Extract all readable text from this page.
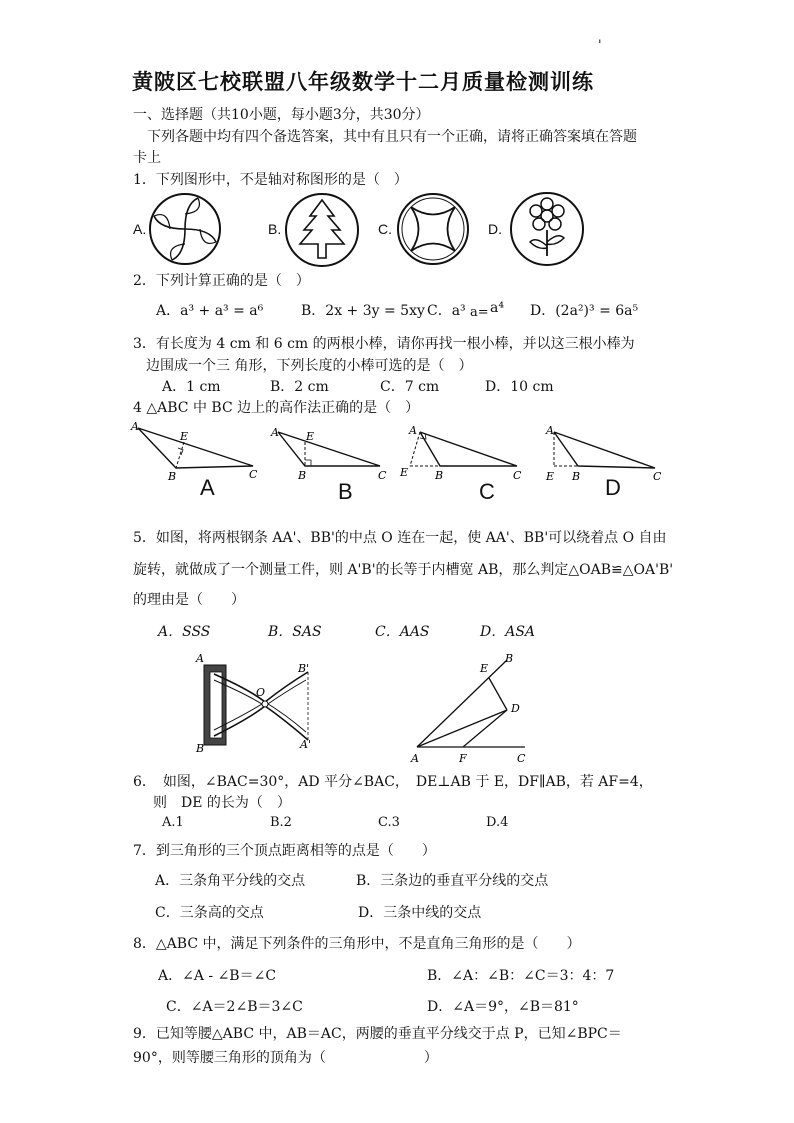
'
黄陂区七校联盟八年级数学十二月质量检测训练
一、选择题（共10小题，每小题3分，共30分）
下列各题中均有四个备选答案，其中有且只有一个正确，请将正确答案填在答题
卡上
1．下列图形中，不是轴对称图形的是（　）
A.	B.	C.	D.
2．下列计算正确的是（　）
A．a³ + a³ = a⁶	B．2x + 3y = 5xy C．a³ a= a⁴ D．(2a²)³ = 6a⁵
3．有长度为 4 cm 和 6 cm 的两根小棒，请你再找一根小棒，并以这三根小棒为
边围成一个三 角形，下列长度的小棒可选的是（　）
A．1 cm	B．2 cm	C．7 cm	D．10 cm
4 △ABC 中 BC 边上的高作法正确的是（　）
A
E
B	C
A E
B	C
A
E B	C
A
E B	C
A	B	C	D
5．如图，将两根钢条 AA'、BB'的中点 O 连在一起，使 AA'、BB'可以绕着点 O 自由
旋转，就做成了一个测量工件，则 A'B'的长等于内槽宽 AB，那么判定△OAB≌△OA'B'
的理由是（　　）
A．SSS	B．SAS	C．AAS	D．ASA
A
B
O
B'
A'
E
B
D
A	F	C
6．　如图，∠BAC=30°，AD 平分∠BAC，　DE⊥AB 于 E，DF∥AB，若 AF=4，
则　DE 的长为（　）
A.1	B.2	C.3	D.4
7．到三角形的三个顶点距离相等的点是（　　）
A．三条角平分线的交点	B．三条边的垂直平分线的交点
C．三条高的交点	D．三条中线的交点
8．△ABC 中，满足下列条件的三角形中，不是直角三角形的是（　　）
A．∠A - ∠B＝∠C	B．∠A：∠B：∠C＝3：4：7
C．∠A＝2∠B＝3∠C	D．∠A＝9°，∠B＝81°
9．已知等腰△ABC 中，AB＝AC，两腰的垂直平分线交于点 P，已知∠BPC＝
90°，则等腰三角形的顶角为（　　　　　　　）
